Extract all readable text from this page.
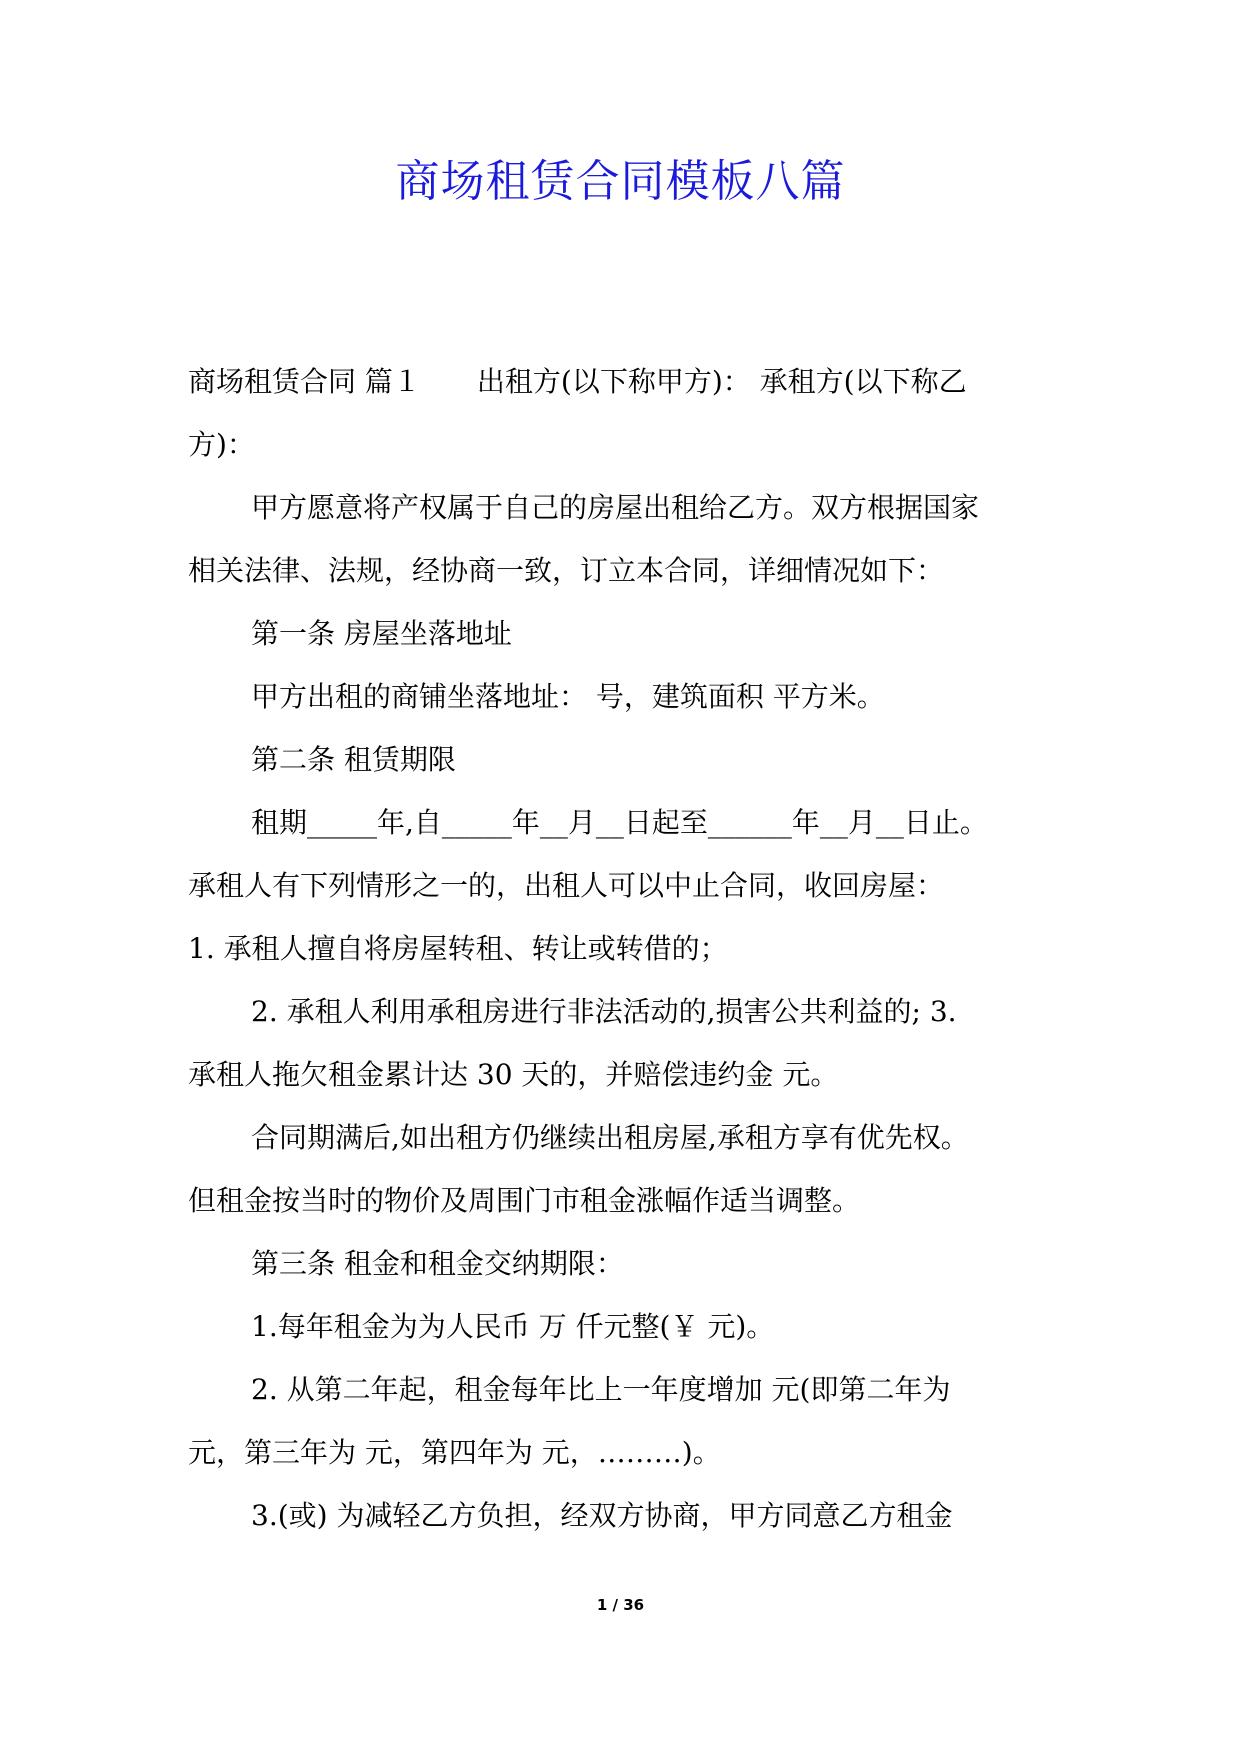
商场租赁合同模板八篇
商场租赁合同 篇１ 出租方(以下称甲方)： 承租方(以下称乙
方)：
甲方愿意将产权属于自己的房屋出租给乙方。双方根据国家
相关法律、法规，经协商一致，订立本合同，详细情况如下：
第一条 房屋坐落地址
甲方出租的商铺坐落地址： 号，建筑面积 平方米。
第二条 租赁期限
租期_____年,自_____年__月__日起至______年__月__日止。
承租人有下列情形之一的，出租人可以中止合同，收回房屋：
1. 承租人擅自将房屋转租、转让或转借的；
2. 承租人利用承租房进行非法活动的,损害公共利益的; 3.
承租人拖欠租金累计达 30 天的，并赔偿违约金 元。
合同期满后,如出租方仍继续出租房屋,承租方享有优先权。
但租金按当时的物价及周围门市租金涨幅作适当调整。
第三条 租金和租金交纳期限：
1.每年租金为为人民币 万 仟元整(￥ 元)。
2. 从第二年起，租金每年比上一年度增加 元(即第二年为
元，第三年为 元，第四年为 元，………)。
3.(或) 为减轻乙方负担，经双方协商，甲方同意乙方租金
1 / 36
